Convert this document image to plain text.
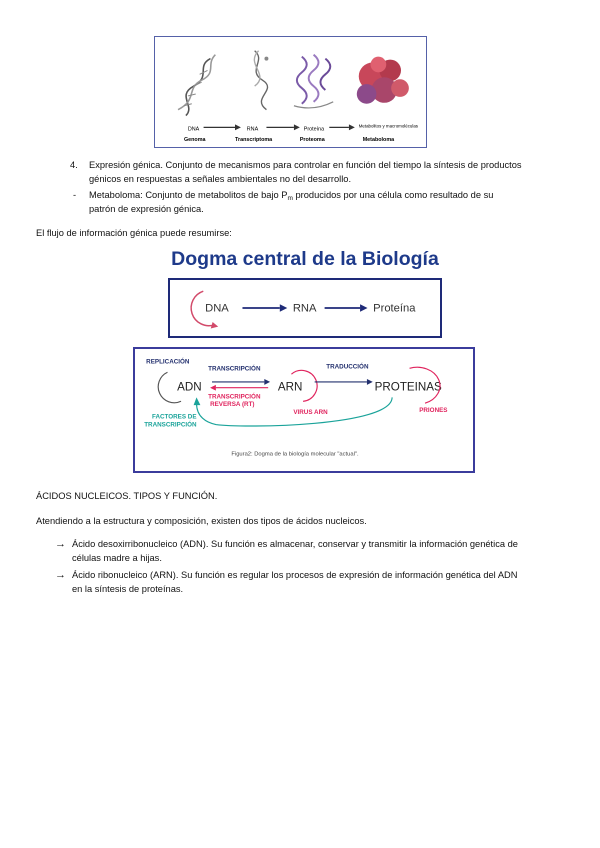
DNA	RNA	Proteína
Metabolitos y macromoléculas
Genoma	Transcriptoma	Proteoma	Metaboloma
4. Expresión génica. Conjunto de mecanismos para controlar en función del tiempo la síntesis de productos
génicos en respuestas a señales ambientales no del desarrollo.
- Metaboloma: Conjunto de metabolitos de bajo $P_m$ producidos por una célula como resultado de su
patrón de expresión génica.
El flujo de información génica puede resumirse:
Dogma central de la Biología
DNA	RNA	Proteína
REPLICACIÓN
ADN
TRANSCRIPCIÓN
TRANSCRIPCIÓN
REVERSA (RT)
ARN
VIRUS ARN
TRADUCCIÓN
PROTEINAS
PRIONES
FACTORES DE
TRANSCRIPCIÓN
Figura2: Dogma de la biología molecular "actual".
ÁCIDOS NUCLEICOS. TIPOS Y FUNCIÓN.
Atendiendo a la estructura y composición, existen dos tipos de ácidos nucleicos.
→ Ácido desoxirribonucleico (ADN). Su función es almacenar, conservar y transmitir la información genética de
células madre a hijas.
→ Ácido ribonucleico (ARN). Su función es regular los procesos de expresión de información genética del ADN
en la síntesis de proteínas.
